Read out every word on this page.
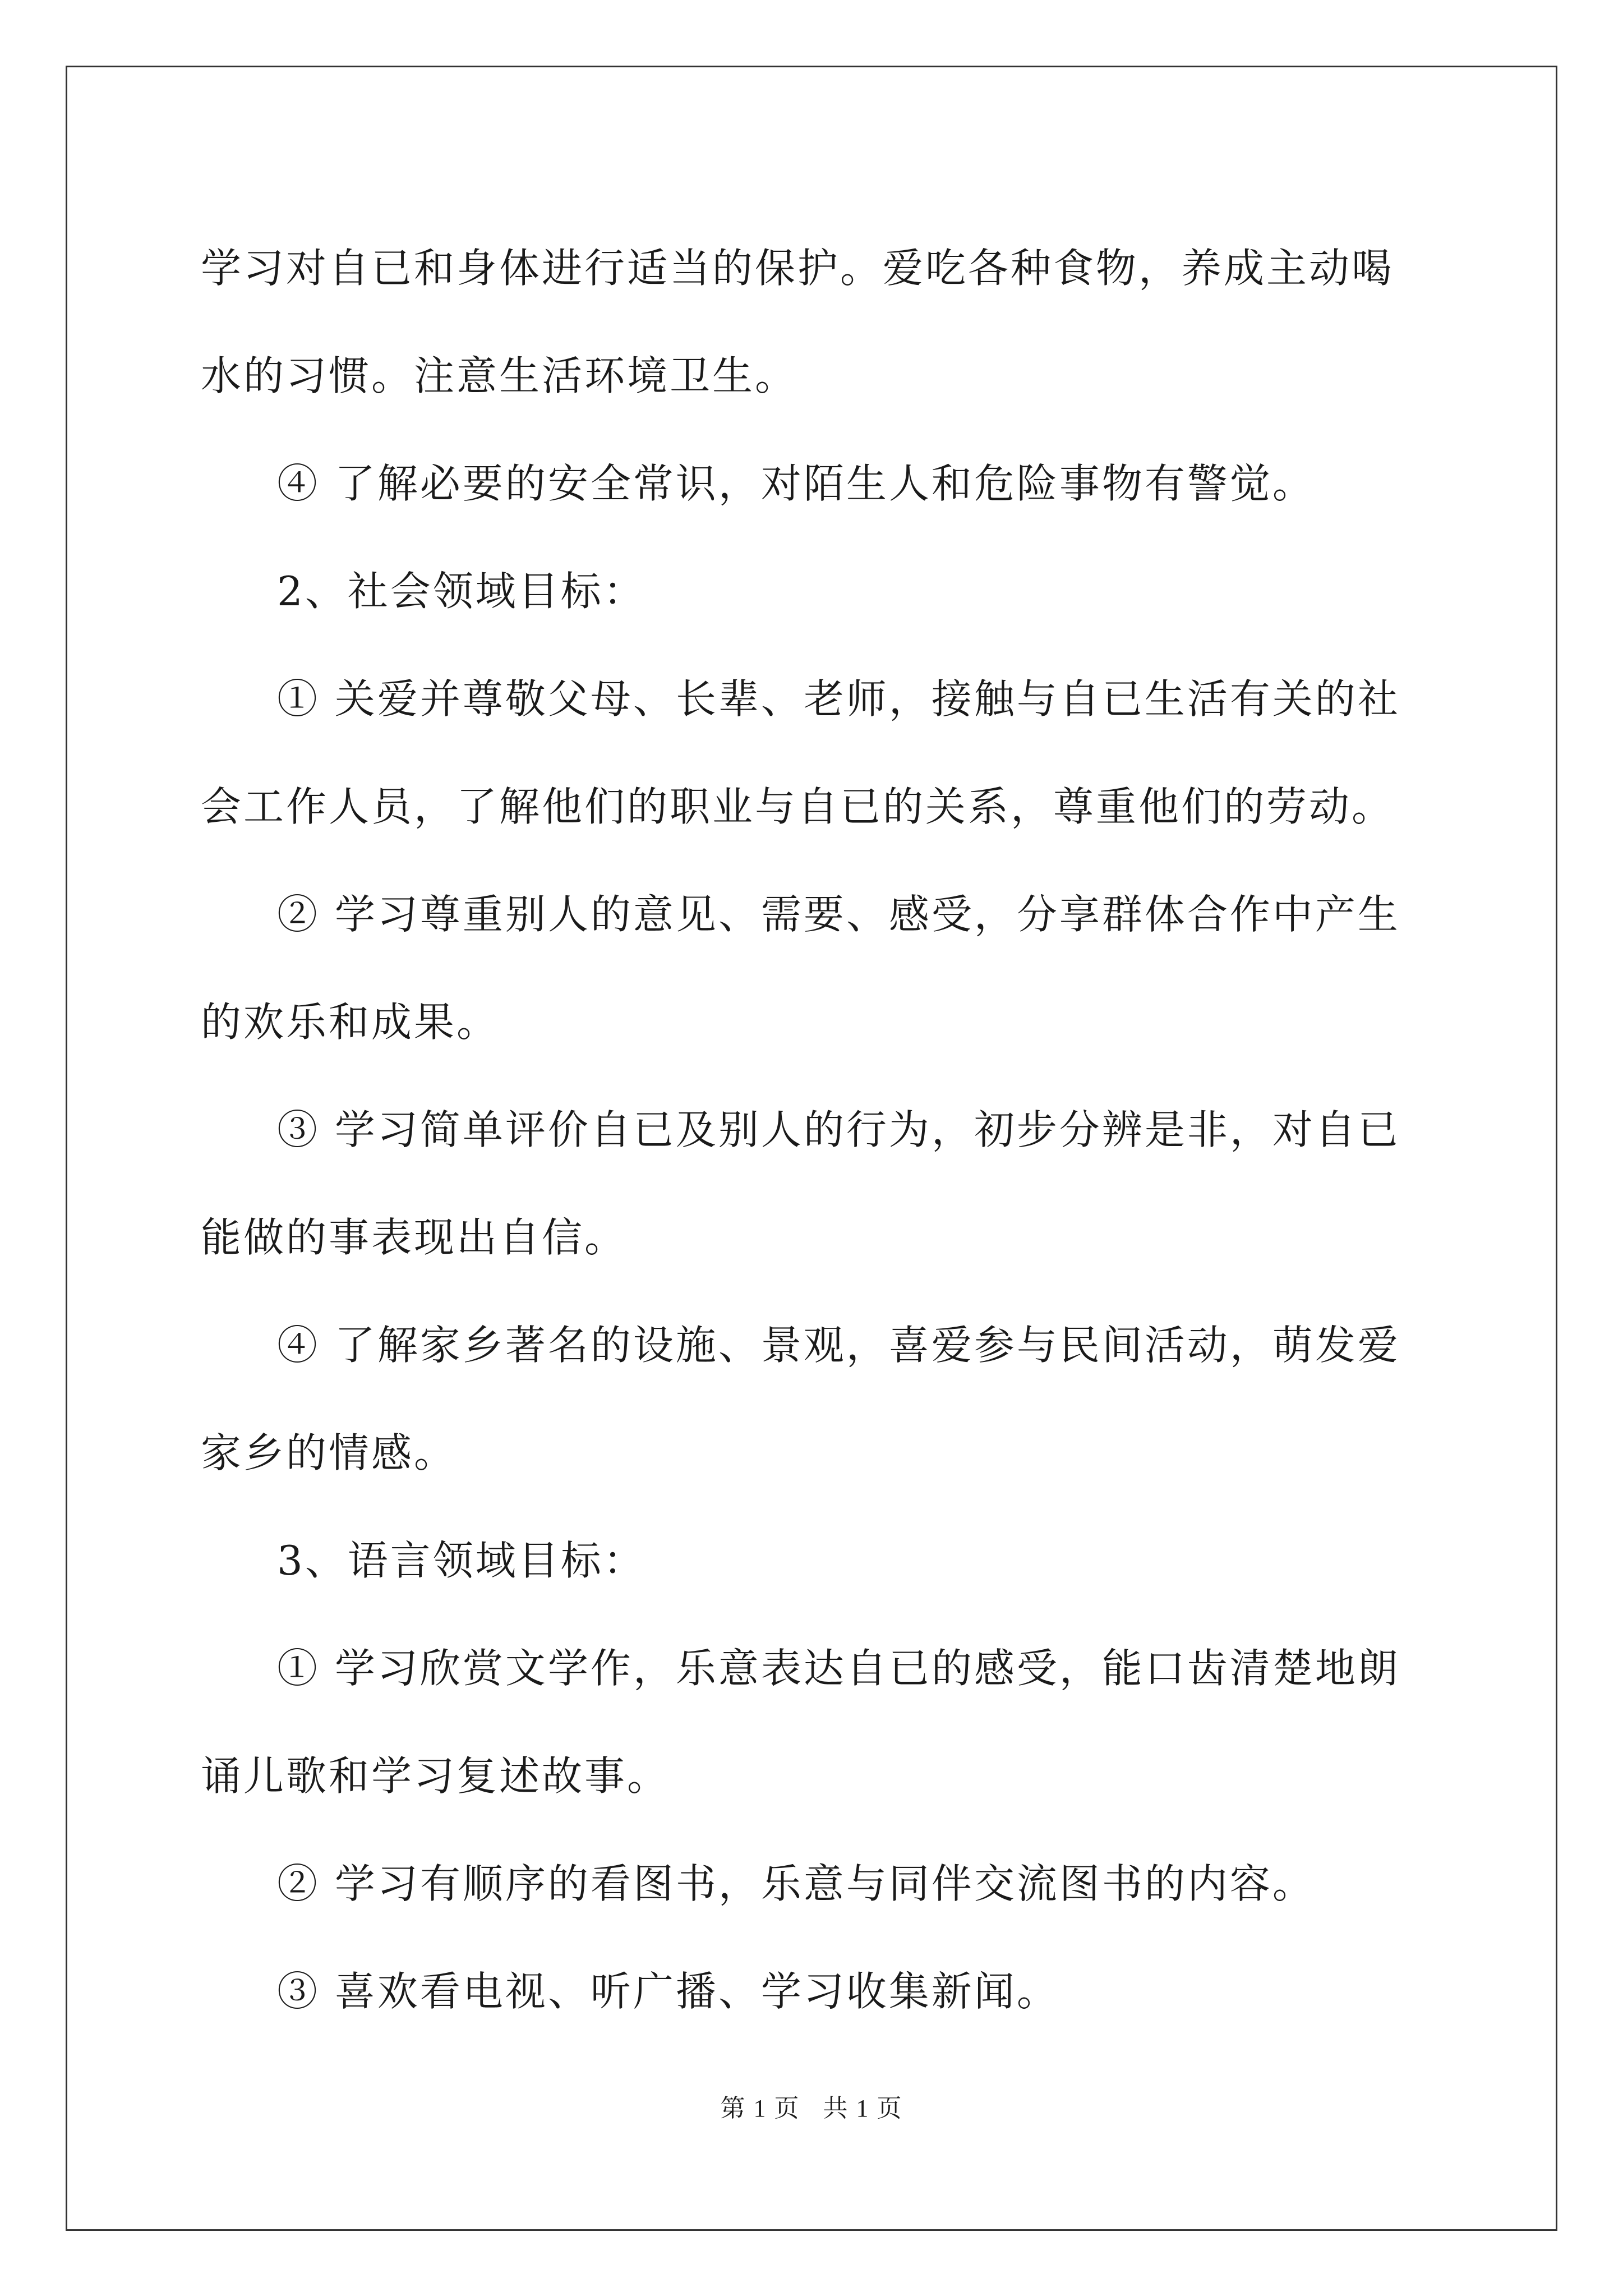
学习对自已和身体进行适当的保护。爱吃各种食物，养成主动喝水的习惯。注意生活环境卫生。

④ 了解必要的安全常识，对陌生人和危险事物有警觉。

2、社会领域目标：

① 关爱并尊敬父母、长辈、老师，接触与自已生活有关的社会工作人员，了解他们的职业与自已的关系，尊重他们的劳动。

② 学习尊重别人的意见、需要、感受，分享群体合作中产生的欢乐和成果。

③ 学习简单评价自已及别人的行为，初步分辨是非，对自已能做的事表现出自信。

④ 了解家乡著名的设施、景观，喜爱参与民间活动，萌发爱家乡的情感。

3、语言领域目标：

① 学习欣赏文学作，乐意表达自已的感受，能口齿清楚地朗诵儿歌和学习复述故事。

② 学习有顺序的看图书，乐意与同伴交流图书的内容。

③ 喜欢看电视、听广播、学习收集新闻。

第 1 页 共 1 页
